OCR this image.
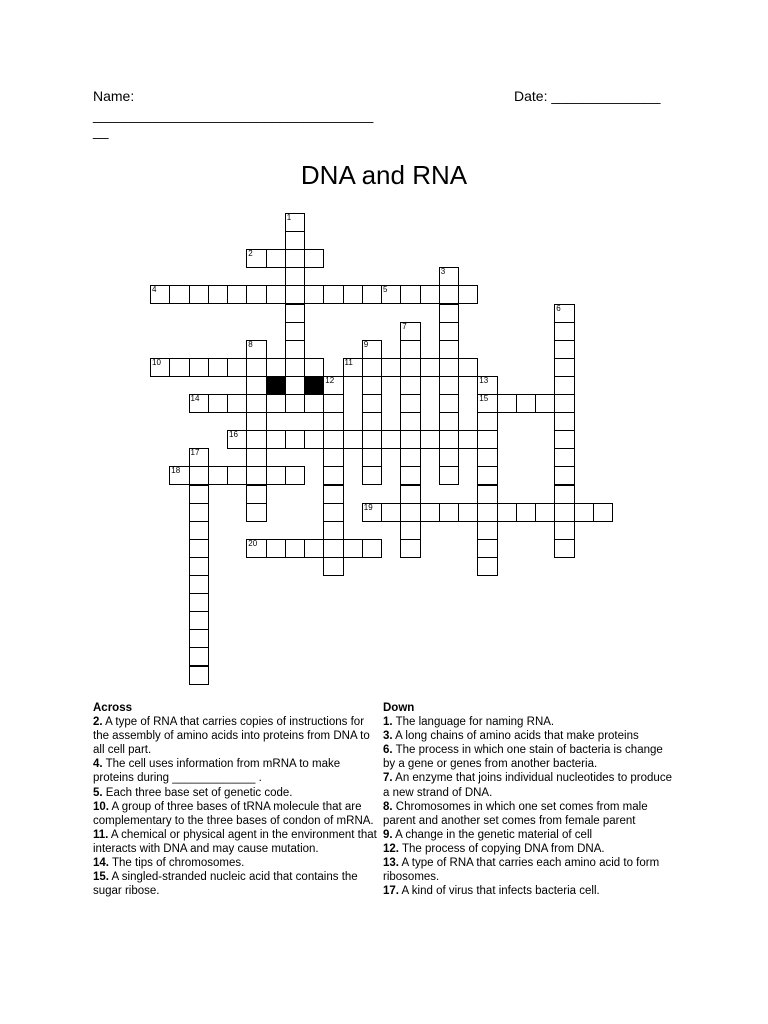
Name:
____________________________________
__
Date: ______________
DNA and RNA
1
2
3
4	5
6
7
8	9
10	11
12	13
15
14
16
17
18
19
20
Across
2. A type of RNA that carries copies of instructions for the assembly of amino acids into proteins from DNA to all cell part.
4. The cell uses information from mRNA to make proteins during _____________ .
5. Each three base set of genetic code.
10. A group of three bases of tRNA molecule that are complementary to the three bases of condon of mRNA.
11. A chemical or physical agent in the environment that interacts with DNA and may cause mutation.
14. The tips of chromosomes.
15. A singled-stranded nucleic acid that contains the sugar ribose.
Down
1. The language for naming RNA.
3. A long chains of amino acids that make proteins
6. The process in which one stain of bacteria is change by a gene or genes from another bacteria.
7. An enzyme that joins individual nucleotides to produce a new strand of DNA.
8. Chromosomes in which one set comes from male parent and another set comes from female parent
9. A change in the genetic material of cell
12. The process of copying DNA from DNA.
13. A type of RNA that carries each amino acid to form ribosomes.
17. A kind of virus that infects bacteria cell.
